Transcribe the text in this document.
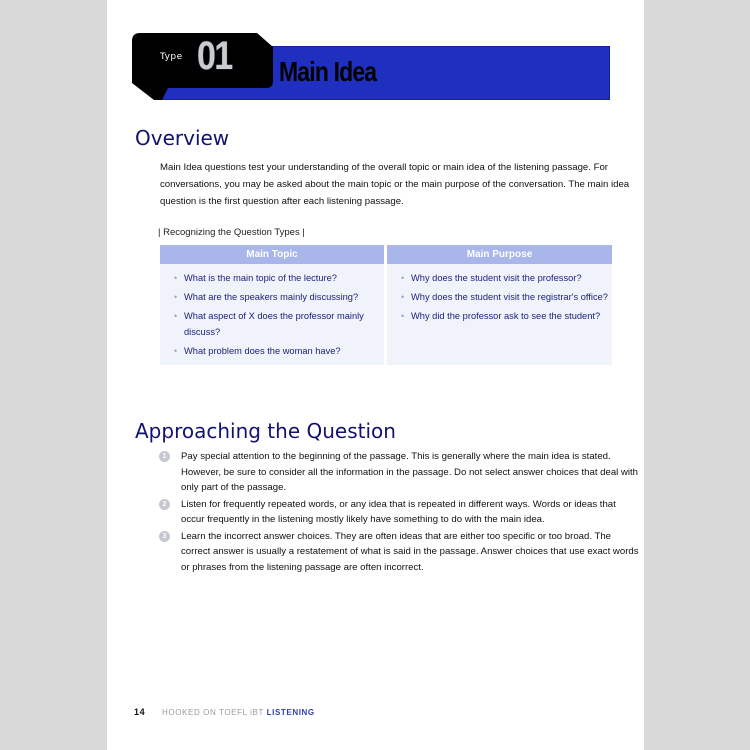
Type 01 Main Idea
Overview

Main Idea questions test your understanding of the overall topic or main idea of the listening passage. For conversations, you may be asked about the main topic or the main purpose of the conversation. The main idea question is the first question after each listening passage.

| Recognizing the Question Types |
Main Topic
• What is the main topic of the lecture?
• What are the speakers mainly discussing?
• What aspect of X does the professor mainly discuss?
• What problem does the woman have?
Main Purpose
• Why does the student visit the professor?
• Why does the student visit the registrar's office?
• Why did the professor ask to see the student?
Approaching the Question
1	Pay special attention to the beginning of the passage. This is generally where the main idea is stated. However, be sure to consider all the information in the passage. Do not select answer choices that deal with only part of the passage.
2	Listen for frequently repeated words, or any idea that is repeated in different ways. Words or ideas that occur frequently in the listening mostly likely have something to do with the main idea.
3	Learn the incorrect answer choices. They are often ideas that are either too specific or too broad. The correct answer is usually a restatement of what is said in the passage. Answer choices that use exact words or phrases from the listening passage are often incorrect.
14 HOOKED ON TOEFL iBT LISTENING
